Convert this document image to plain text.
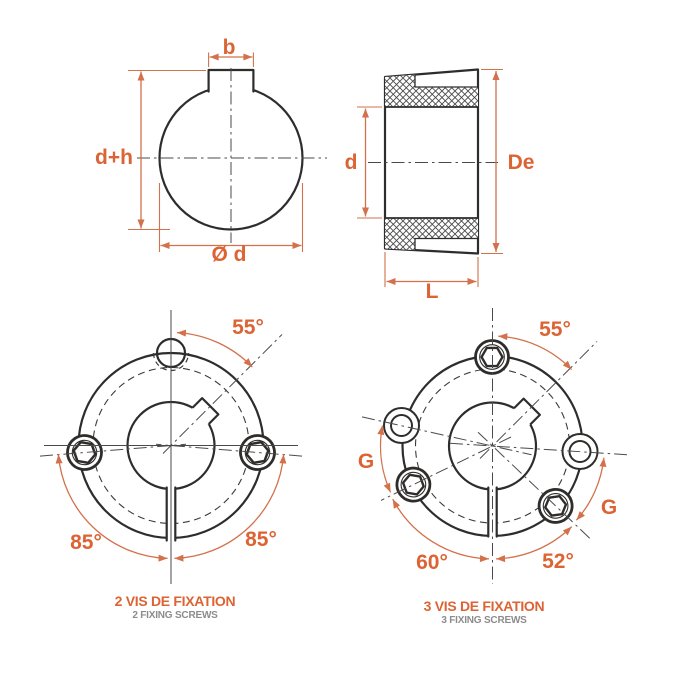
b
d+h
Ø d
d	De
L
55°
85°	85°
2 VIS DE FIXATION
2 FIXING SCREWS
55°
G
G
60°	52°
3 VIS DE FIXATION
3 FIXING SCREWS
